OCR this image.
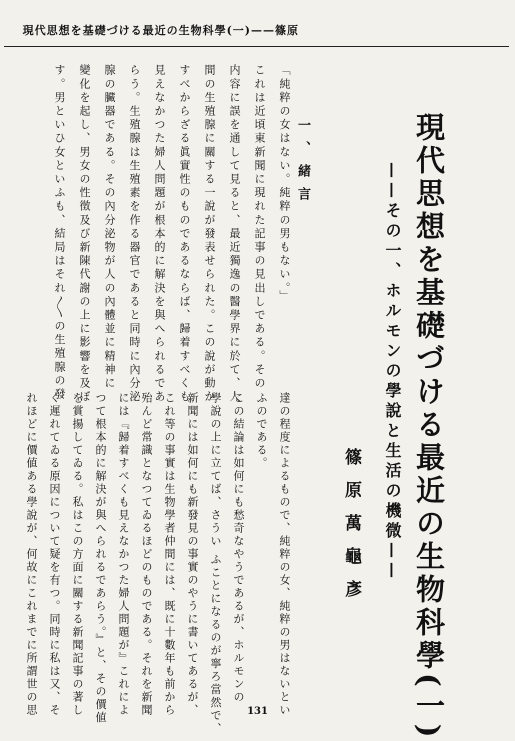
現代思想を基礎づける最近の生物科學(一)——篠原
現代思想を基礎づける最近の生物科學(一)
——その一、ホルモンの學說と生活の機微——
篠原萬龜彥
一、緒言
「純粹の女はない。純粹の男もない。」
これは近頃東新聞に現れた記事の見出しである。その
内容に誤を通して見ると、最近獨逸の醫學界に於て、人
間の生殖腺に關する一說が發表せられた。この說が動か
すべからざる眞實性のものであるならば、歸着すべくも
見えなかつた婦人問題が根本的に解決を與へられるであ
らう。生殖腺は生殖素を作る器官であると同時に內分泌
腺の臟器である。その內分泌物が人の內體並に精神に
變化を起し、男女の性徵及び新陳代謝の上に影響を及ぼ
す。男といひ女といふも、結局はそれ〳〵の生殖腺の發
達の程度によるもので、純粹の女、純粹の男はないとい
ふのである。
この結論は如何にも愁奇なやうであるが、ホルモンの
學說の上に立てば、さうい ふことになるのが寧ろ當然で、
新聞には如何にも新發見の事實のやうに書いてあるが、
これ等の事實は生物學者仲間には、既に十數年も前から
殆んど常識となつてゐるほどのものである。それを新聞
には『歸着すべくも見えなかつた婦人問題が』これによ
つて根本的に解決が與へられるであらう。』と、その價値
を賞揚してゐる。私はこの方面に關する新聞記事の著し
く遲れてゐる原因について疑を有つ。同時に私は又、そ
れほどに價値ある學說が、何故にこれまでに所謂世の思	131
